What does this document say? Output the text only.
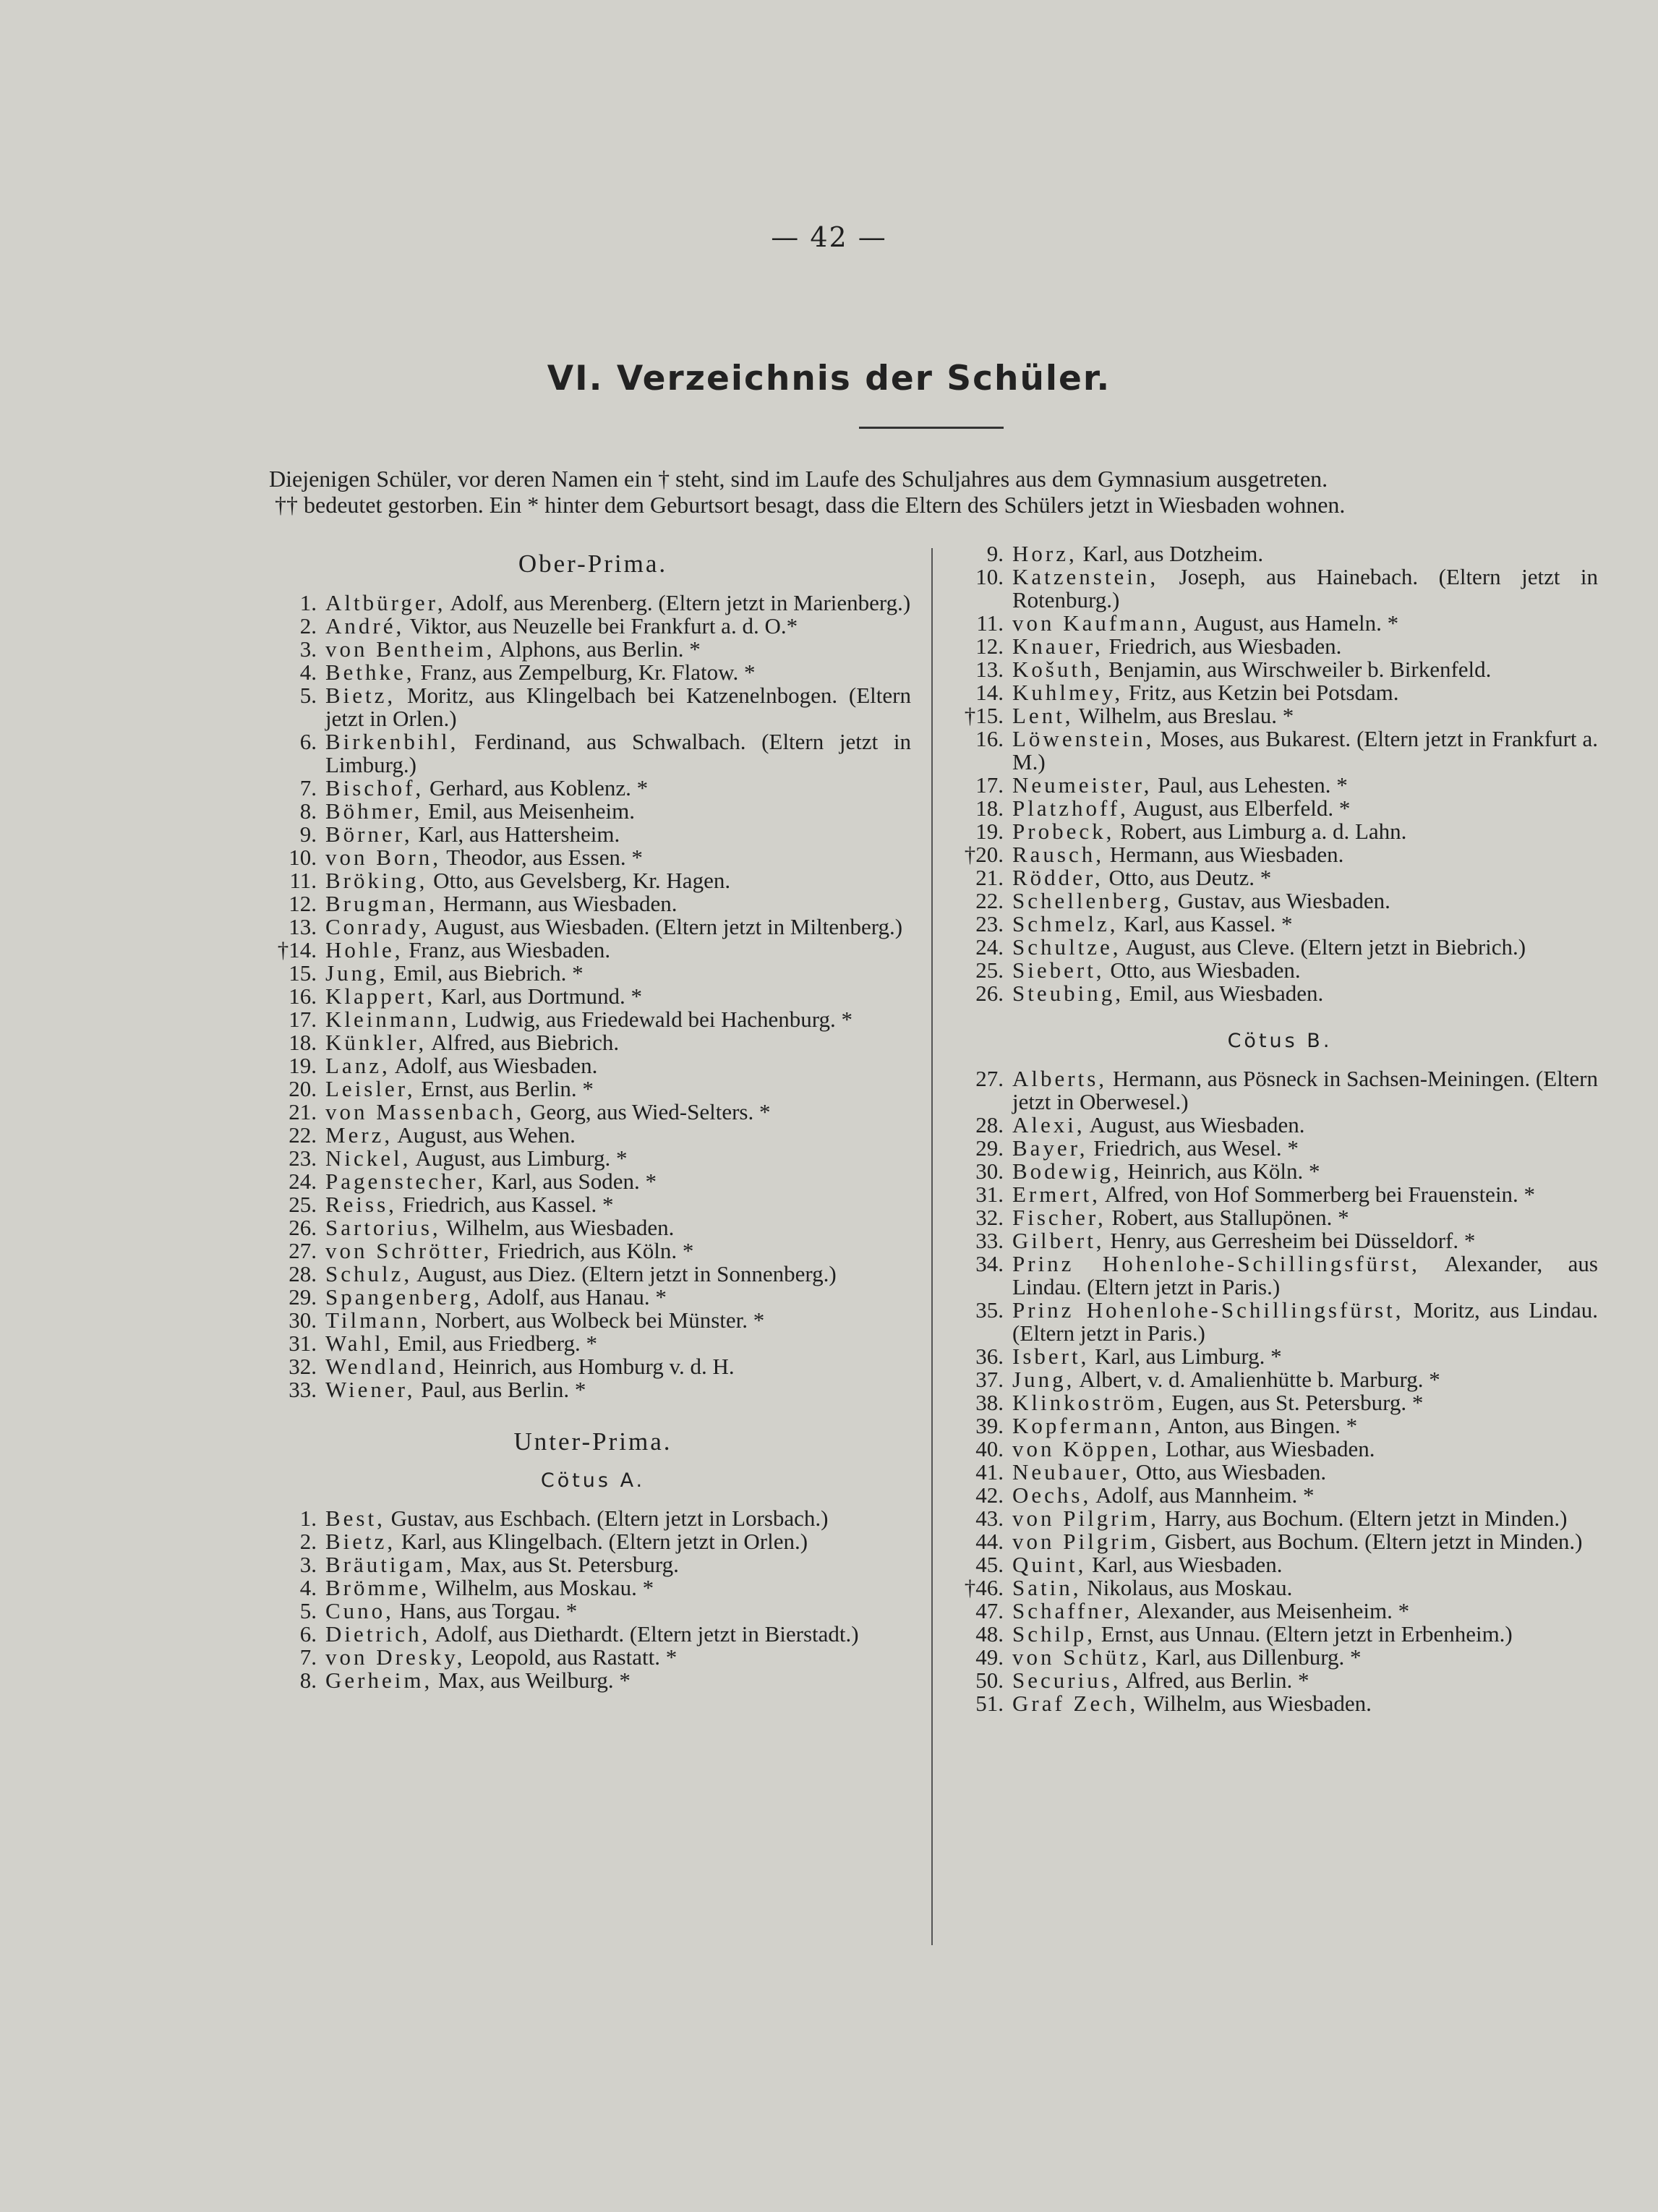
— 42 —
VI. Verzeichnis der Schüler.

Diejenigen Schüler, vor deren Namen ein † steht, sind im Laufe des Schuljahres aus dem Gymnasium ausgetreten.

†† bedeutet gestorben. Ein * hinter dem Geburtsort besagt, dass die Eltern des Schülers jetzt in Wiesbaden wohnen.

Ober-Prima.
1. Altbürger, Adolf, aus Merenberg. (Eltern jetzt in Marienberg.)
2. André, Viktor, aus Neuzelle bei Frankfurt a. d. O.*
3. von Bentheim, Alphons, aus Berlin. *
4. Bethke, Franz, aus Zempelburg, Kr. Flatow. *
5. Bietz, Moritz, aus Klingelbach bei Katzenelnbogen. (Eltern jetzt in Orlen.)
6. Birkenbihl, Ferdinand, aus Schwalbach. (Eltern jetzt in Limburg.)
7. Bischof, Gerhard, aus Koblenz. *
8. Böhmer, Emil, aus Meisenheim.
9. Börner, Karl, aus Hattersheim.
10. von Born, Theodor, aus Essen. *
11. Bröking, Otto, aus Gevelsberg, Kr. Hagen.
12. Brugman, Hermann, aus Wiesbaden.
13. Conrady, August, aus Wiesbaden. (Eltern jetzt in Miltenberg.)
†14. Hohle, Franz, aus Wiesbaden.
15. Jung, Emil, aus Biebrich. *
16. Klappert, Karl, aus Dortmund. *
17. Kleinmann, Ludwig, aus Friedewald bei Hachenburg. *
18. Künkler, Alfred, aus Biebrich.
19. Lanz, Adolf, aus Wiesbaden.
20. Leisler, Ernst, aus Berlin. *
21. von Massenbach, Georg, aus Wied-Selters. *
22. Merz, August, aus Wehen.
23. Nickel, August, aus Limburg. *
24. Pagenstecher, Karl, aus Soden. *
25. Reiss, Friedrich, aus Kassel. *
26. Sartorius, Wilhelm, aus Wiesbaden.
27. von Schrötter, Friedrich, aus Köln. *
28. Schulz, August, aus Diez. (Eltern jetzt in Sonnenberg.)
29. Spangenberg, Adolf, aus Hanau. *
30. Tilmann, Norbert, aus Wolbeck bei Münster. *
31. Wahl, Emil, aus Friedberg. *
32. Wendland, Heinrich, aus Homburg v. d. H.
33. Wiener, Paul, aus Berlin. *
Unter-Prima.
Cötus A.
1. Best, Gustav, aus Eschbach. (Eltern jetzt in Lorsbach.)
2. Bietz, Karl, aus Klingelbach. (Eltern jetzt in Orlen.)
3. Bräutigam, Max, aus St. Petersburg.
4. Brömme, Wilhelm, aus Moskau. *
5. Cuno, Hans, aus Torgau. *
6. Dietrich, Adolf, aus Diethardt. (Eltern jetzt in Bierstadt.)
7. von Dresky, Leopold, aus Rastatt. *
8. Gerheim, Max, aus Weilburg. *
9. Horz, Karl, aus Dotzheim.
10. Katzenstein, Joseph, aus Hainebach. (Eltern jetzt in Rotenburg.)
11. von Kaufmann, August, aus Hameln. *
12. Knauer, Friedrich, aus Wiesbaden.
13. Košuth, Benjamin, aus Wirschweiler b. Birkenfeld.
14. Kuhlmey, Fritz, aus Ketzin bei Potsdam.
†15. Lent, Wilhelm, aus Breslau. *
16. Löwenstein, Moses, aus Bukarest. (Eltern jetzt in Frankfurt a. M.)
17. Neumeister, Paul, aus Lehesten. *
18. Platzhoff, August, aus Elberfeld. *
19. Probeck, Robert, aus Limburg a. d. Lahn.
†20. Rausch, Hermann, aus Wiesbaden.
21. Rödder, Otto, aus Deutz. *
22. Schellenberg, Gustav, aus Wiesbaden.
23. Schmelz, Karl, aus Kassel. *
24. Schultze, August, aus Cleve. (Eltern jetzt in Biebrich.)
25. Siebert, Otto, aus Wiesbaden.
26. Steubing, Emil, aus Wiesbaden.
Cötus B.
27. Alberts, Hermann, aus Pösneck in Sachsen-Meiningen. (Eltern jetzt in Oberwesel.)
28. Alexi, August, aus Wiesbaden.
29. Bayer, Friedrich, aus Wesel. *
30. Bodewig, Heinrich, aus Köln. *
31. Ermert, Alfred, von Hof Sommerberg bei Frauenstein. *
32. Fischer, Robert, aus Stallupönen. *
33. Gilbert, Henry, aus Gerresheim bei Düsseldorf. *
34. Prinz Hohenlohe-Schillingsfürst, Alexander, aus Lindau. (Eltern jetzt in Paris.)
35. Prinz Hohenlohe-Schillingsfürst, Moritz, aus Lindau. (Eltern jetzt in Paris.)
36. Isbert, Karl, aus Limburg. *
37. Jung, Albert, v. d. Amalienhütte b. Marburg. *
38. Klinkoström, Eugen, aus St. Petersburg. *
39. Kopfermann, Anton, aus Bingen. *
40. von Köppen, Lothar, aus Wiesbaden.
41. Neubauer, Otto, aus Wiesbaden.
42. Oechs, Adolf, aus Mannheim. *
43. von Pilgrim, Harry, aus Bochum. (Eltern jetzt in Minden.)
44. von Pilgrim, Gisbert, aus Bochum. (Eltern jetzt in Minden.)
45. Quint, Karl, aus Wiesbaden.
†46. Satin, Nikolaus, aus Moskau.
47. Schaffner, Alexander, aus Meisenheim. *
48. Schilp, Ernst, aus Unnau. (Eltern jetzt in Erbenheim.)
49. von Schütz, Karl, aus Dillenburg. *
50. Securius, Alfred, aus Berlin. *
51. Graf Zech, Wilhelm, aus Wiesbaden.
